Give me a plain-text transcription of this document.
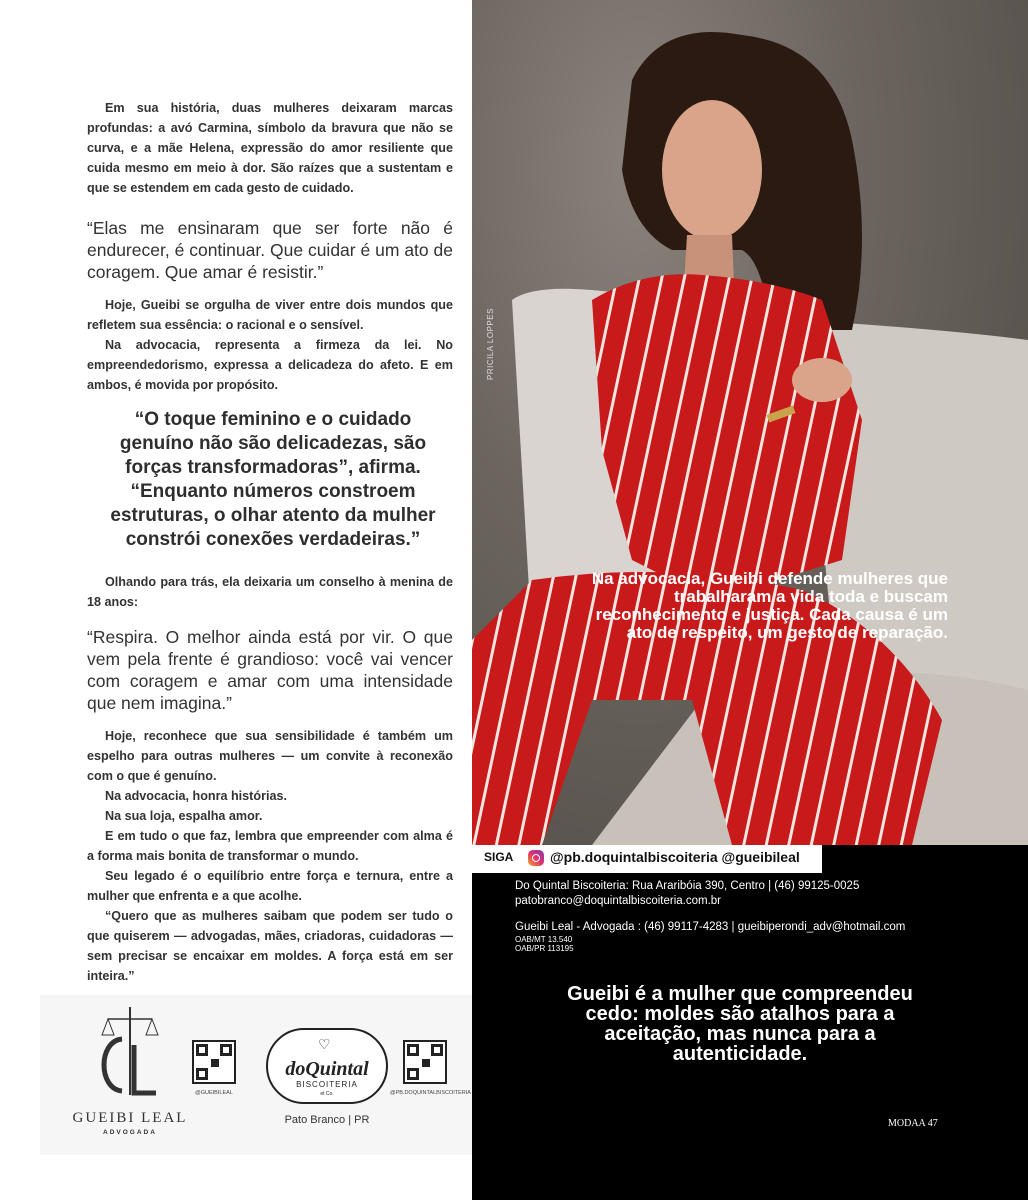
Em sua história, duas mulheres deixaram marcas profundas: a avó Carmina, símbolo da bravura que não se curva, e a mãe Helena, expressão do amor resiliente que cuida mesmo em meio à dor. São raízes que a sustentam e que se estendem em cada gesto de cuidado.

“Elas me ensinaram que ser forte não é endurecer, é continuar. Que cuidar é um ato de coragem. Que amar é resistir.”

Hoje, Gueibi se orgulha de viver entre dois mundos que refletem sua essência: o racional e o sensível.

Na advocacia, representa a firmeza da lei. No empreendedorismo, expressa a delicadeza do afeto. E em ambos, é movida por propósito.

“O toque feminino e o cuidado genuíno não são delicadezas, são forças transformadoras”, afirma. “Enquanto números constroem estruturas, o olhar atento da mulher constrói conexões verdadeiras.”

Olhando para trás, ela deixaria um conselho à menina de 18 anos:

“Respira. O melhor ainda está por vir. O que vem pela frente é grandioso: você vai vencer com coragem e amar com uma intensidade que nem imagina.”

Hoje, reconhece que sua sensibilidade é também um espelho para outras mulheres — um convite à reconexão com o que é genuíno.

Na advocacia, honra histórias.

Na sua loja, espalha amor.

E em tudo o que faz, lembra que empreender com alma é a forma mais bonita de transformar o mundo.

Seu legado é o equilíbrio entre força e ternura, entre a mulher que enfrenta e a que acolhe.

“Quero que as mulheres saibam que podem ser tudo o que quiserem — advogadas, mães, criadoras, cuidadoras — sem precisar se encaixar em moldes. A força está em ser inteira.”

GUEIBI LEAL
ADVOGADA
@GUEIBILEAL
♡
doQuintal
BISCOITERIA
et Co.
Pato Branco | PR
@PB.DOQUINTALBISCOITERIA
PRICILA LOPPES
Na advocacia, Gueibi defende mulheres que trabalharam a vida toda e buscam reconhecimento e justiça. Cada causa é um ato de respeito, um gesto de reparação.
SIGA	@pb.doquintalbiscoiteria @gueibileal
Do Quintal Biscoiteria: Rua Araribóia 390, Centro | (46) 99125-0025
patobranco@doquintalbiscoiteria.com.br
Gueibi Leal - Advogada : (46) 99117-4283 | gueibiperondi_adv@hotmail.com
OAB/MT 13.540
OAB/PR 113195
Gueibi é a mulher que compreendeu cedo: moldes são atalhos para a aceitação, mas nunca para a autenticidade.
MODAA 47
